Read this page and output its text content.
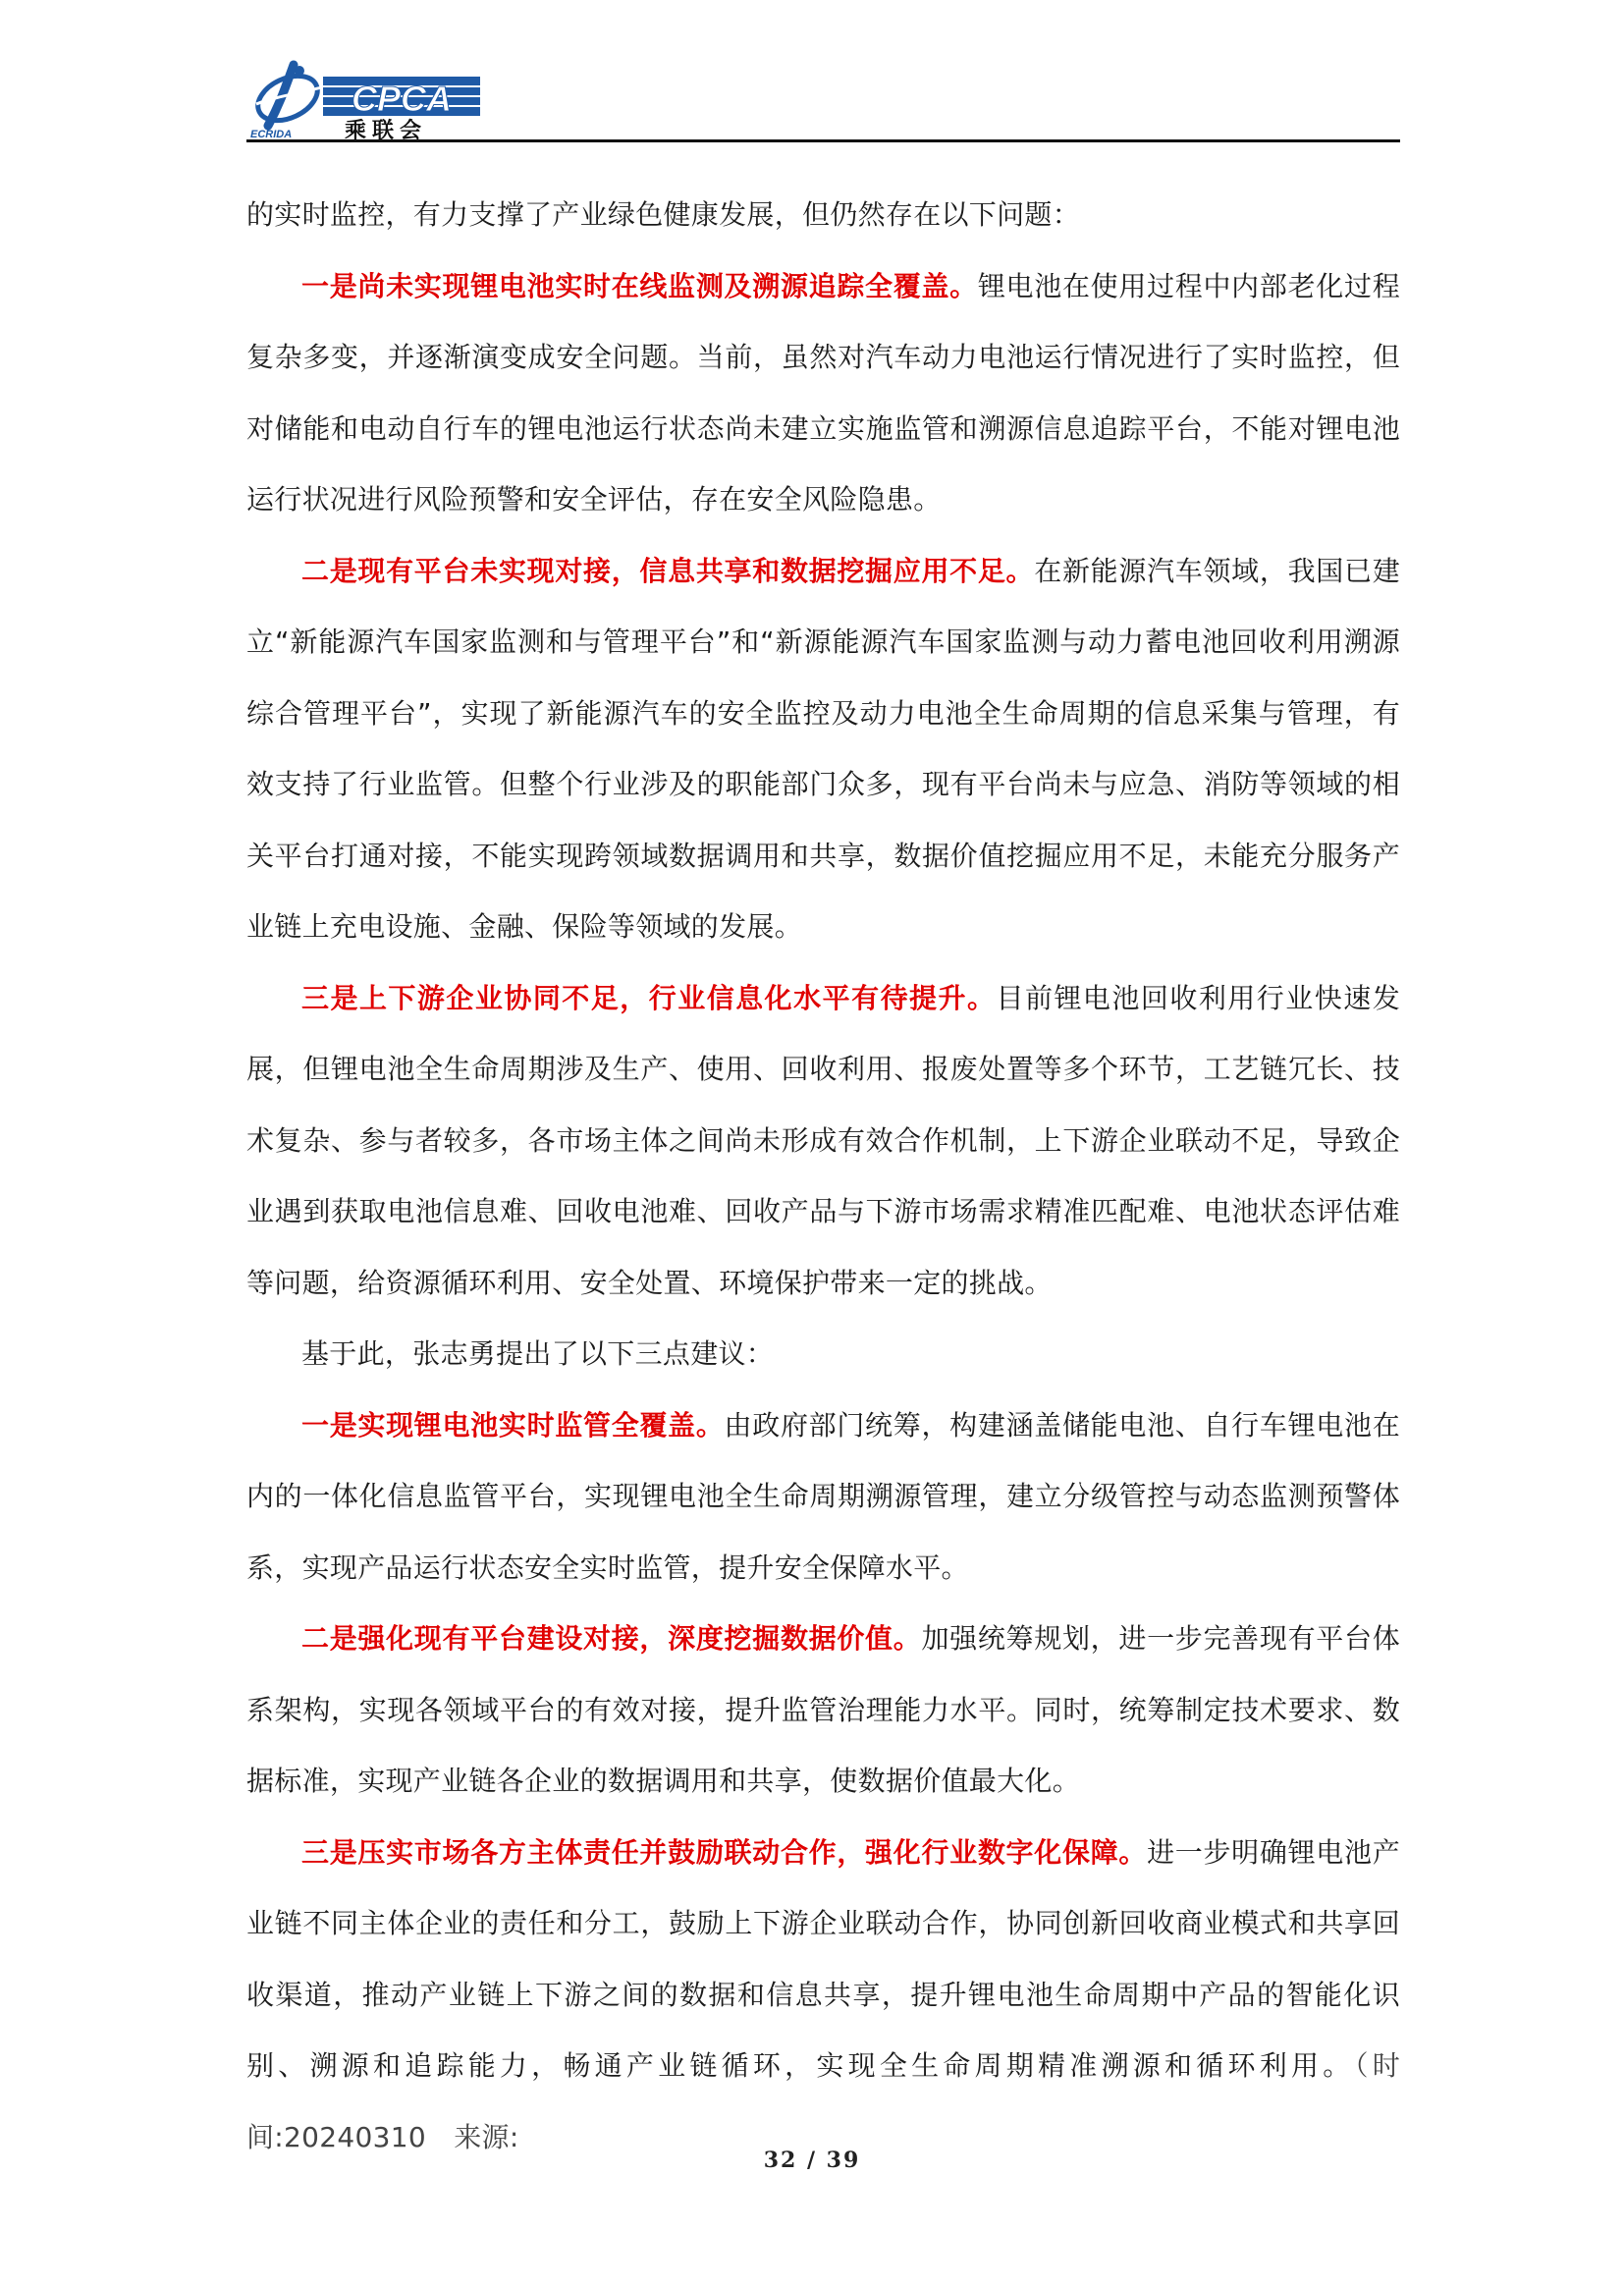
ECRIDA
CPCA
乘联会

的实时监控，有力支撑了产业绿色健康发展，但仍然存在以下问题：

一是尚未实现锂电池实时在线监测及溯源追踪全覆盖。锂电池在使用过程中内部老化过程复杂多变，并逐渐演变成安全问题。当前，虽然对汽车动力电池运行情况进行了实时监控，但对储能和电动自行车的锂电池运行状态尚未建立实施监管和溯源信息追踪平台，不能对锂电池运行状况进行风险预警和安全评估，存在安全风险隐患。

二是现有平台未实现对接，信息共享和数据挖掘应用不足。在新能源汽车领域，我国已建立“新能源汽车国家监测和与管理平台”和“新源能源汽车国家监测与动力蓄电池回收利用溯源综合管理平台”，实现了新能源汽车的安全监控及动力电池全生命周期的信息采集与管理，有效支持了行业监管。但整个行业涉及的职能部门众多，现有平台尚未与应急、消防等领域的相关平台打通对接，不能实现跨领域数据调用和共享，数据价值挖掘应用不足，未能充分服务产业链上充电设施、金融、保险等领域的发展。

三是上下游企业协同不足，行业信息化水平有待提升。目前锂电池回收利用行业快速发展，但锂电池全生命周期涉及生产、使用、回收利用、报废处置等多个环节，工艺链冗长、技术复杂、参与者较多，各市场主体之间尚未形成有效合作机制，上下游企业联动不足，导致企业遇到获取电池信息难、回收电池难、回收产品与下游市场需求精准匹配难、电池状态评估难等问题，给资源循环利用、安全处置、环境保护带来一定的挑战。

基于此，张志勇提出了以下三点建议：

一是实现锂电池实时监管全覆盖。由政府部门统筹，构建涵盖储能电池、自行车锂电池在内的一体化信息监管平台，实现锂电池全生命周期溯源管理，建立分级管控与动态监测预警体系，实现产品运行状态安全实时监管，提升安全保障水平。

二是强化现有平台建设对接，深度挖掘数据价值。加强统筹规划，进一步完善现有平台体系架构，实现各领域平台的有效对接，提升监管治理能力水平。同时，统筹制定技术要求、数据标准，实现产业链各企业的数据调用和共享，使数据价值最大化。

三是压实市场各方主体责任并鼓励联动合作，强化行业数字化保障。进一步明确锂电池产业链不同主体企业的责任和分工，鼓励上下游企业联动合作，协同创新回收商业模式和共享回收渠道，推动产业链上下游之间的数据和信息共享，提升锂电池生命周期中产品的智能化识别、溯源和追踪能力，畅通产业链循环，实现全生命周期精准溯源和循环利用。（时间:20240310　来源:

32 / 39
